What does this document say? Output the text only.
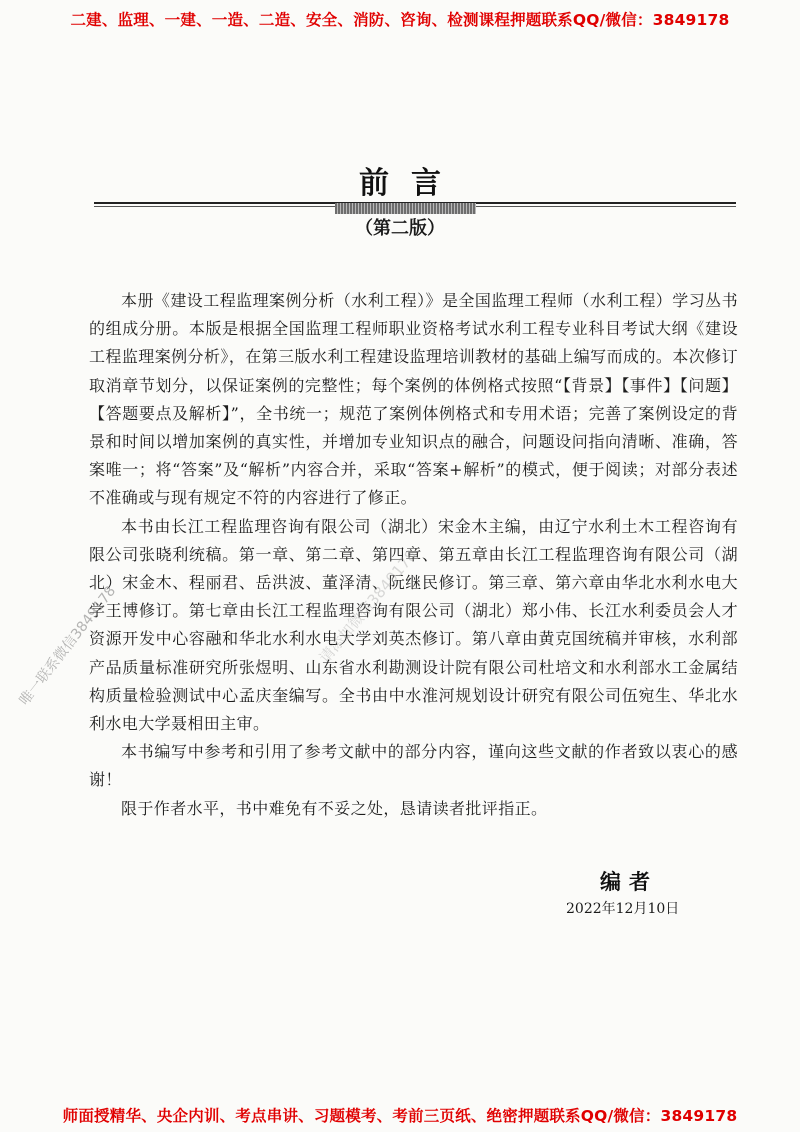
二建、监理、一建、一造、二造、安全、消防、咨询、检测课程押题联系QQ/微信：3849178
前言
（第二版）

本册《建设工程监理案例分析（水利工程）》是全国监理工程师（水利工程）学习丛书的组成分册。本版是根据全国监理工程师职业资格考试水利工程专业科目考试大纲《建设工程监理案例分析》，在第三版水利工程建设监理培训教材的基础上编写而成的。本次修订取消章节划分，以保证案例的完整性；每个案例的体例格式按照“【背景】【事件】【问题】【答题要点及解析】”，全书统一；规范了案例体例格式和专用术语；完善了案例设定的背景和时间以增加案例的真实性，并增加专业知识点的融合，问题设问指向清晰、准确，答案唯一；将“答案”及“解析”内容合并，采取“答案+解析”的模式，便于阅读；对部分表述不准确或与现有规定不符的内容进行了修正。

本书由长江工程监理咨询有限公司（湖北）宋金木主编，由辽宁水利土木工程咨询有限公司张晓利统稿。第一章、第二章、第四章、第五章由长江工程监理咨询有限公司（湖北）宋金木、程丽君、岳洪波、董泽清、阮继民修订。第三章、第六章由华北水利水电大学王博修订。第七章由长江工程监理咨询有限公司（湖北）郑小伟、长江水利委员会人才资源开发中心容融和华北水利水电大学刘英杰修订。第八章由黄克国统稿并审核，水利部产品质量标准研究所张煜明、山东省水利勘测设计院有限公司杜培文和水利部水工金属结构质量检验测试中心孟庆奎编写。全书由中水淮河规划设计研究有限公司伍宛生、华北水利水电大学聂相田主审。

本书编写中参考和引用了参考文献中的部分内容，谨向这些文献的作者致以衷心的感谢！

限于作者水平，书中难免有不妥之处，恳请读者批评指正。

编者
2022年12月10日
唯一联系微信3849178	请添加微信3849178
师面授精华、央企内训、考点串讲、习题模考、考前三页纸、绝密押题联系QQ/微信：3849178
